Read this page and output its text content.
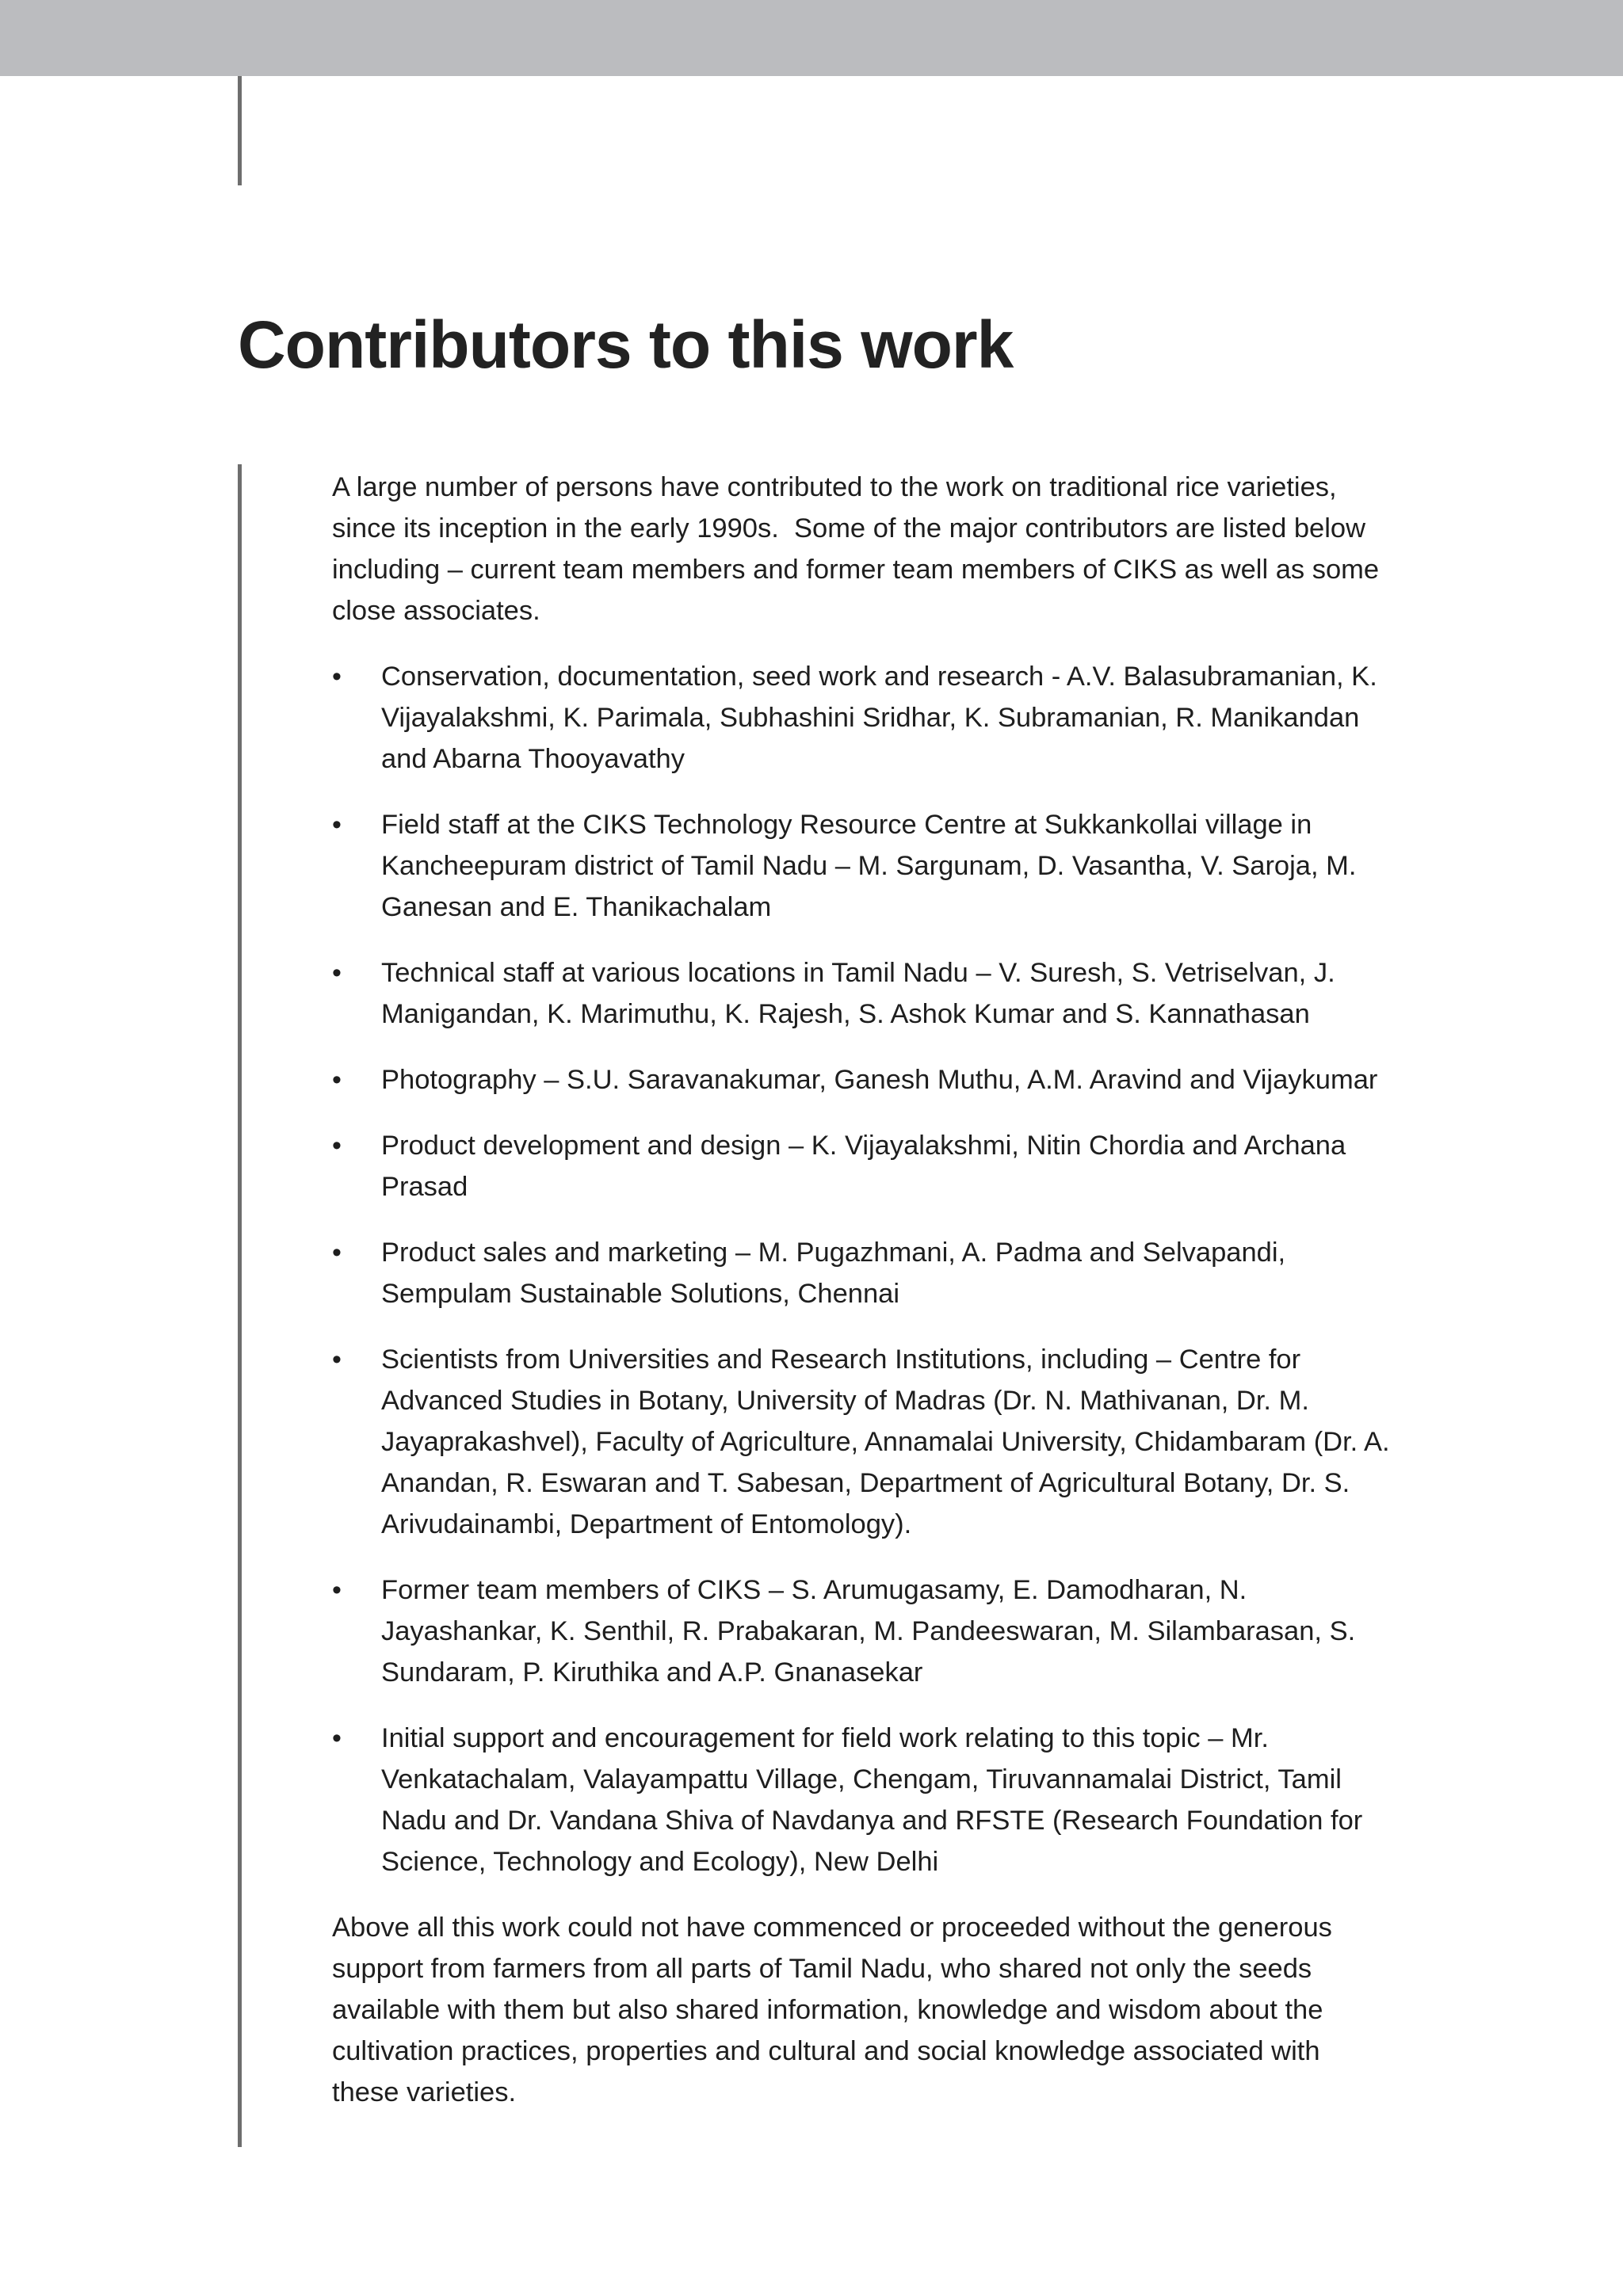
Contributors to this work

A large number of persons have contributed to the work on traditional rice varieties, since its inception in the early 1990s.  Some of the major contributors are listed below including – current team members and former team members of CIKS as well as some close associates.

•	Conservation, documentation, seed work and research - A.V. Balasubramanian, K. Vijayalakshmi, K. Parimala, Subhashini Sridhar, K. Subramanian, R. Manikandan and Abarna Thooyavathy
•	Field staff at the CIKS Technology Resource Centre at Sukkankollai village in Kancheepuram district of Tamil Nadu – M. Sargunam, D. Vasantha, V. Saroja, M. Ganesan and E. Thanikachalam
•	Technical staff at various locations in Tamil Nadu – V. Suresh, S. Vetriselvan, J. Manigandan, K. Marimuthu, K. Rajesh, S. Ashok Kumar and S. Kannathasan
•	Photography – S.U. Saravanakumar, Ganesh Muthu, A.M. Aravind and Vijaykumar
•	Product development and design – K. Vijayalakshmi, Nitin Chordia and Archana Prasad
•	Product sales and marketing – M. Pugazhmani, A. Padma and Selvapandi, Sempulam Sustainable Solutions, Chennai
•	Scientists from Universities and Research Institutions, including – Centre for Advanced Studies in Botany, University of Madras (Dr. N. Mathivanan, Dr. M. Jayaprakashvel), Faculty of Agriculture, Annamalai University, Chidambaram (Dr. A. Anandan, R. Eswaran and T. Sabesan, Department of Agricultural Botany, Dr. S. Arivudainambi, Department of Entomology).
•	Former team members of CIKS – S. Arumugasamy, E. Damodharan, N. Jayashankar, K. Senthil, R. Prabakaran, M. Pandeeswaran, M. Silambarasan, S. Sundaram, P. Kiruthika and A.P. Gnanasekar
•	Initial support and encouragement for field work relating to this topic – Mr. Venkatachalam, Valayampattu Village, Chengam, Tiruvannamalai District, Tamil Nadu and Dr. Vandana Shiva of Navdanya and RFSTE (Research Foundation for Science, Technology and Ecology), New Delhi

Above all this work could not have commenced or proceeded without the generous support from farmers from all parts of Tamil Nadu, who shared not only the seeds available with them but also shared information, knowledge and wisdom about the cultivation practices, properties and cultural and social knowledge associated with these varieties.
